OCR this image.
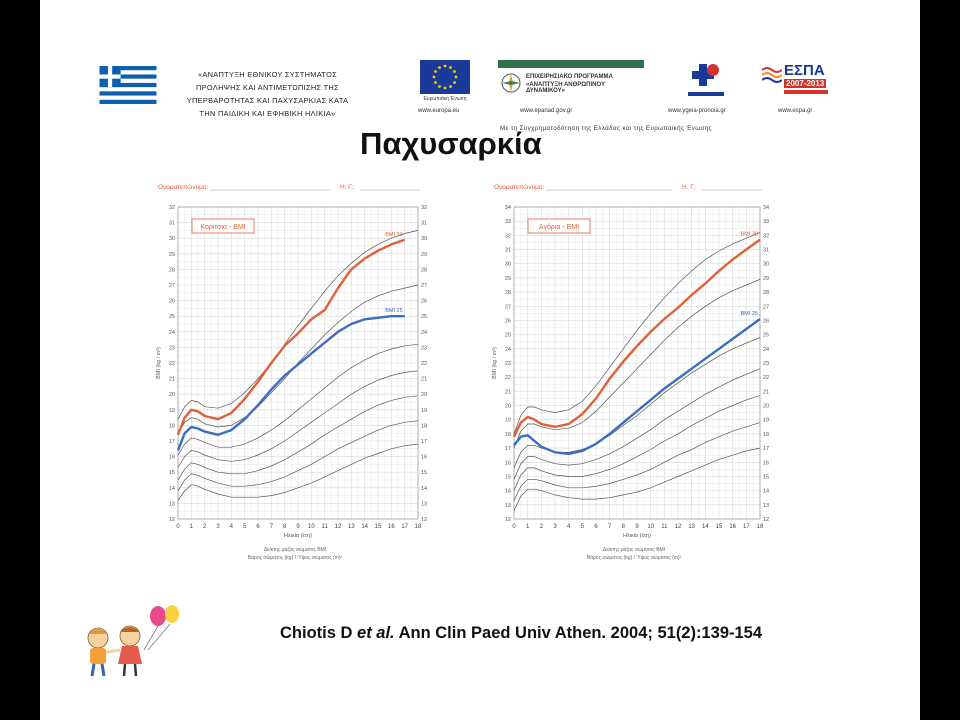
«ΑΝΑΠΤΥΞΗ ΕΘΝΙΚΟΥ ΣΥΣΤΗΜΑΤΟΣ
ΠΡΟΛΗΨΗΣ ΚΑΙ ΑΝΤΙΜΕΤΩΠΙΣΗΣ ΤΗΣ
ΥΠΕΡΒΑΡΟΤΗΤΑΣ ΚΑΙ ΠΑΧΥΣΑΡΚΙΑΣ ΚΑΤΑ
ΤΗΝ ΠΑΙΔΙΚΗ ΚΑΙ ΕΦΗΒΙΚΗ ΗΛΙΚΙΑ»
Ευρωπαϊκή Ένωση
www.europa.eu
ΕΠΙΧΕΙΡΗΣΙΑΚΟ ΠΡΟΓΡΑΜΜΑ
«ΑΝΑΠΤΥΞΗ ΑΝΘΡΩΠΙΝΟΥ ΔΥΝΑΜΙΚΟΥ»
www.epanad.gov.gr	www.ygeia-pronoia.gr
ΕΣΠΑ
2007-2013
www.espa.gr
Με τη Συγχρηματοδότηση της Ελλάδας και της Ευρωπαϊκής Ένωσης
Παχυσαρκία
Ονοματεπώνυμο:	Η. Γ.:
12	12
13	13
14	14
15	15
16	16
17	17
18	18
19	19
20	20
21	21
22	22
23	23
24	24
25	25
26	26
27	27
28	28
29	29
30	30
31	31
32	32
0 1 2 3 4 5 6 7 8 9 10 11 12 13 14 15 16 17 18
Ηλικία (έτη)
BMI (kg / m²)
Κορίτσια - BMI
BMI 30
BMI 25
Δείκτης μάζας σώματος BMI
Βάρος σώματος (kg) / Ύψος σώματος (m)²
Ονοματεπώνυμο:	Η. Γ.:
12	12
13	13
14	14
15	15
16	16
17	17
18	18
19	19
20	20
21	21
22	22
23	23
24	24
25	25
26	26
27	27
28	28
29	29
30	30
31	31
32	32
33	33
34	34
0 1 2 3 4 5 6 7 8 9 10 11 12 13 14 15 16 17 18
Ηλικία (έτη)
BMI (kg / m²)
Αγόρια - BMI
BMI 30
BMI 25
Δείκτης μάζας σώματος BMI
Βάρος σώματος (kg) / Ύψος σώματος (m)²
Chiotis D et al. Ann Clin Paed Univ Athen. 2004; 51(2):139-154
